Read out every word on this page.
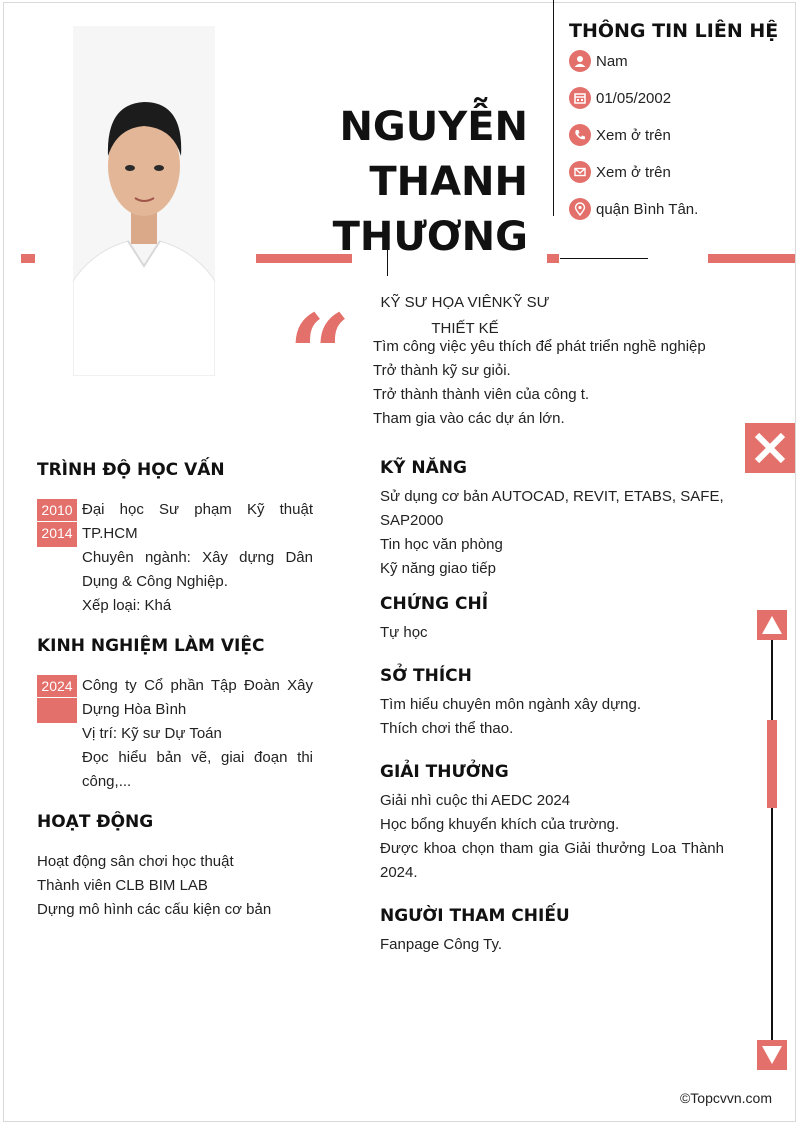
NGUYỄN
THANH
THƯƠNG
THÔNG TIN LIÊN HỆ
Nam
01/05/2002
Xem ở trên
Xem ở trên
quận Bình Tân.
KỸ SƯ HỌA VIÊNKỸ SƯ THIẾT KẾ
“ Tìm công việc yêu thích để phát triển nghề nghiệp
Trở thành kỹ sư giỏi.
Trở thành thành viên của công t.
Tham gia vào các dự án lớn.
TRÌNH ĐỘ HỌC VẤN
2010
2014
Đại học Sư phạm Kỹ thuật TP.HCM
Chuyên ngành: Xây dựng Dân Dụng & Công Nghiệp.
Xếp loại: Khá
KINH NGHIỆM LÀM VIỆC
2024 Công ty Cổ phần Tập Đoàn Xây Dựng Hòa Bình
Vị trí: Kỹ sư Dự Toán
Đọc hiểu bản vẽ, giai đoạn thi công,...
HOẠT ĐỘNG
Hoạt động sân chơi học thuật
Thành viên CLB BIM LAB
Dựng mô hình các cấu kiện cơ bản
KỸ NĂNG
Sử dụng cơ bản AUTOCAD, REVIT, ETABS, SAFE, SAP2000
Tin học văn phòng
Kỹ năng giao tiếp
CHỨNG CHỈ
Tự học
SỞ THÍCH
Tìm hiểu chuyên môn ngành xây dựng.
Thích chơi thể thao.
GIẢI THƯỞNG
Giải nhì cuộc thi AEDC 2024
Học bổng khuyển khích của trường.
Được khoa chọn tham gia Giải thưởng Loa Thành 2024.
NGƯỜI THAM CHIẾU
Fanpage Công Ty.
©Topcvvn.com
